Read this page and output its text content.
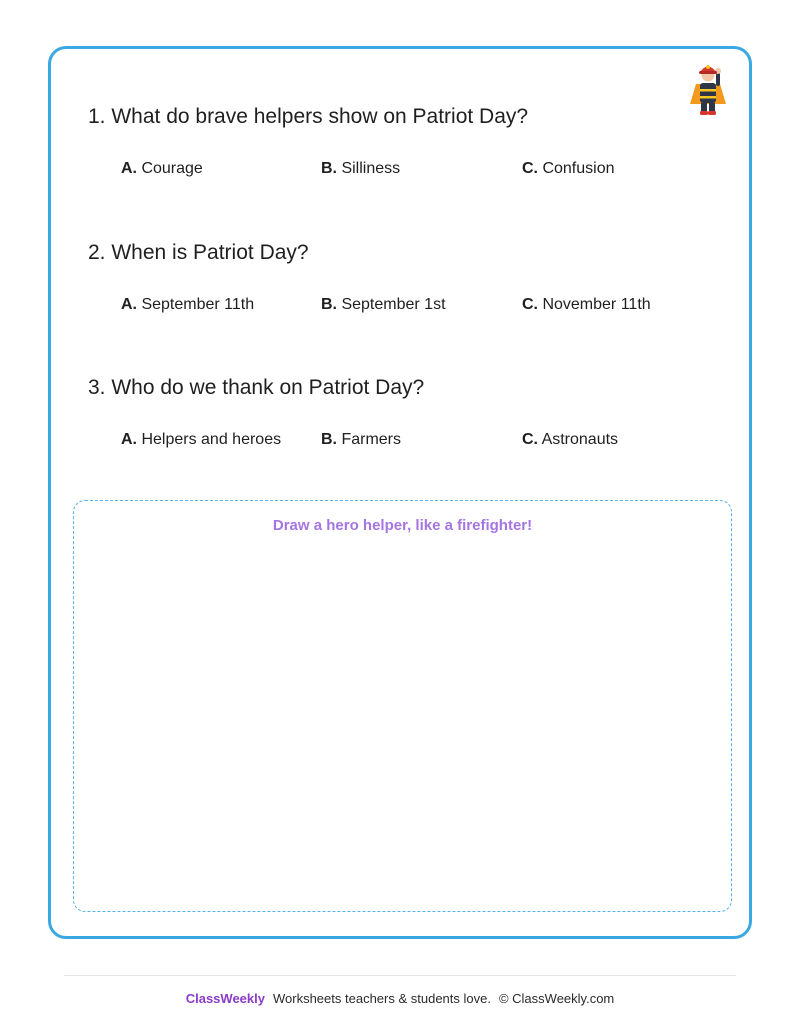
1. What do brave helpers show on Patriot Day?
A. Courage	B. Silliness	C. Confusion
2. When is Patriot Day?
A. September 11th	B. September 1st	C. November 11th
3. Who do we thank on Patriot Day?
A. Helpers and heroes B. Farmers	C. Astronauts
Draw a hero helper, like a firefighter!
ClassWeekly Worksheets teachers & students love. © ClassWeekly.com
